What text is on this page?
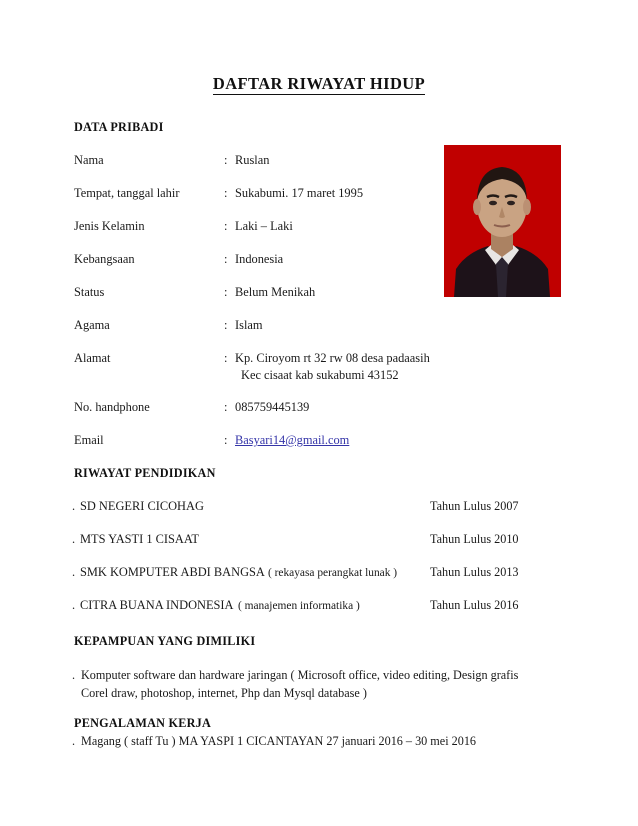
DAFTAR RIWAYAT HIDUP
DATA PRIBADI
Nama	: Ruslan
Tempat, tanggal lahir	: Sukabumi. 17 maret 1995
Jenis Kelamin	: Laki – Laki
Kebangsaan	: Indonesia
Status	: Belum Menikah
Agama	: Islam
Alamat	: Kp. Ciroyom rt 32 rw 08 desa padaasih
Kec cisaat kab sukabumi 43152
No. handphone	: 085759445139
Email	: Basyari14@gmail.com
RIWAYAT PENDIDIKAN
. SD NEGERI CICOHAG	Tahun Lulus 2007
. MTS YASTI 1 CISAAT	Tahun Lulus 2010
. SMK KOMPUTER ABDI BANGSA ( rekayasa perangkat lunak )	Tahun Lulus 2013
. CITRA BUANA INDONESIA ( manajemen informatika )	Tahun Lulus 2016
KEPAMPUAN YANG DIMILIKI
. Komputer software dan hardware jaringan ( Microsoft office, video editing, Design grafis Corel draw, photoshop, internet, Php dan Mysql database )
PENGALAMAN KERJA
. Magang ( staff Tu ) MA YASPI 1 CICANTAYAN 27 januari 2016 – 30 mei 2016
